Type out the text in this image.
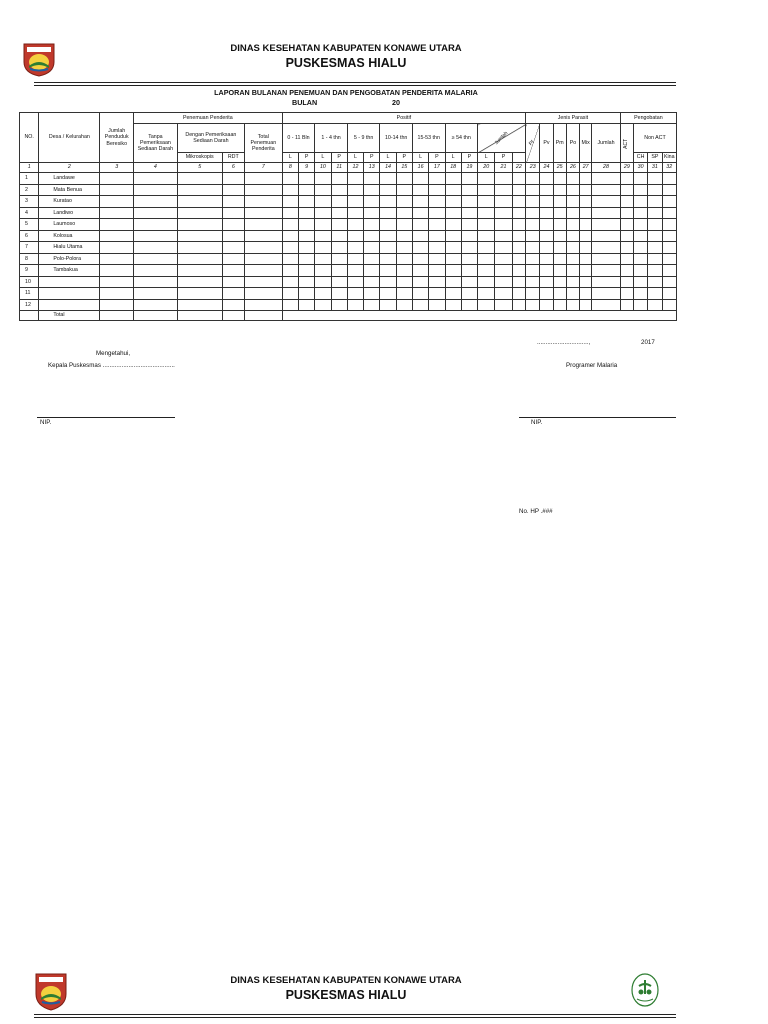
DINAS KESEHATAN KABUPATEN KONAWE UTARA
PUSKESMAS HIALU
LAPORAN BULANAN PENEMUAN DAN PENGOBATAN PENDERITA MALARIA
BULAN	20
NO.	Desa / Kelurahan	Jumlah Penduduk Beresiko	Penemuan Penderita				Positif															Jenis Parasit						Pengobatan			
			Tanpa Pemeriksaan Sediaan Darah	Dengan Pemeriksaan Sediaan Darah		Total Penemuan Penderita	0 - 11 Bln		1 - 4 thn		5 - 9 thn		10-14 thn		15-53 thn		≥ 54 thn		Jumlah			Pf	Pv	Pm	Po	Mix	Jumlah	ACT	Non ACT		
				Mikroskopis	RDT		L	P	L	P	L	P	L	P	L	P	L	P	L	P									CH	SP	Kina
1	2	3	4	5	6	7	8	9	10	11	12	13	14	15	16	17	18	19	20	21	22	23	24	25	26	27	28	29	30	31	32
1	Landawe																														
2	Mata Benua																														
3	Kuratao																														
4	Landiwo																														
5	Laumoso																														
6	Kolosua																														
7	Hialu Utama																														
8	Polo-Polora																														
9	Tambakua																														
10																															
11																															
12																															
	Total																														
..............................,	2017
Mengetahui,
Kepala Puskesmas ..........................................	Programer Malaria
NIP.	NIP.
No. HP .###
DINAS KESEHATAN KABUPATEN KONAWE UTARA
PUSKESMAS HIALU
